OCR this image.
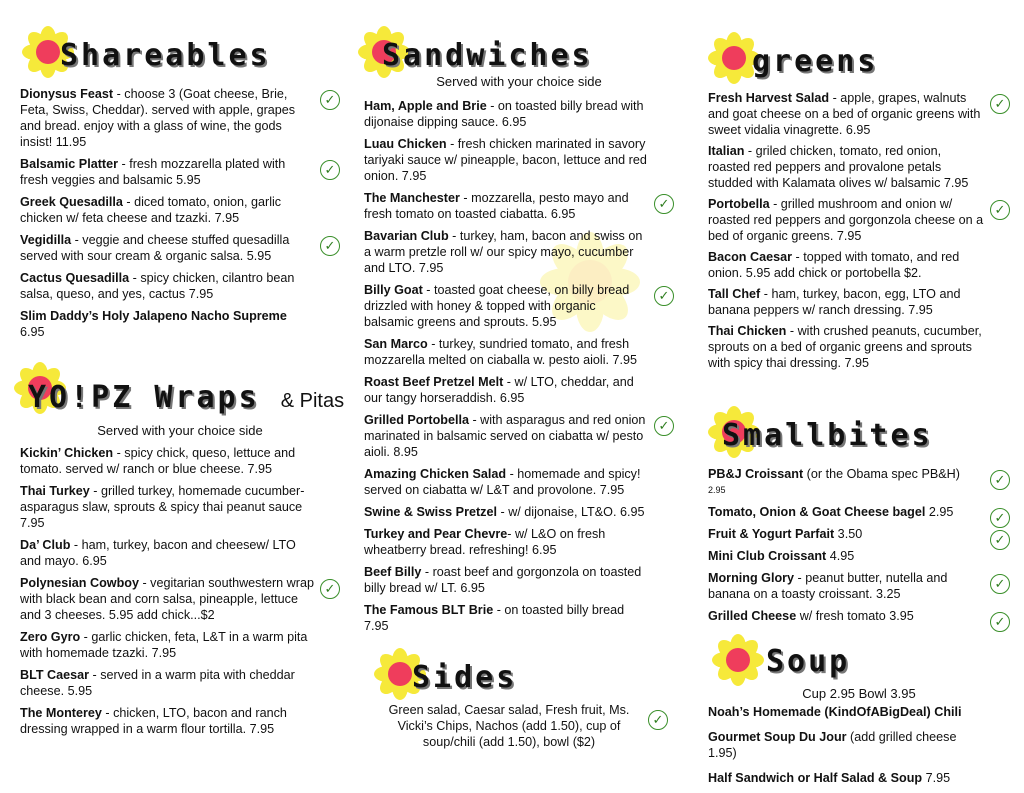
Shareables
Dionysus Feast - choose 3 (Goat cheese, Brie, Feta, Swiss, Cheddar). served with apple, grapes and bread. enjoy with a glass of wine, the gods insist! 11.95
✓
Balsamic Platter - fresh mozzarella plated with fresh veggies and balsamic 5.95
✓
Greek Quesadilla - diced tomato, onion, garlic chicken w/ feta cheese and tzazki. 7.95
Vegidilla - veggie and cheese stuffed quesadilla served with sour cream & organic salsa. 5.95
✓
Cactus Quesadilla - spicy chicken, cilantro bean salsa, queso, and yes, cactus 7.95
Slim Daddy’s Holy Jalapeno Nacho Supreme 6.95
YO!PZ Wraps & Pitas
Served with your choice side
Kickin’ Chicken - spicy chick, queso, lettuce and tomato. served w/ ranch or blue cheese. 7.95
Thai Turkey - grilled turkey, homemade cucumber-asparagus slaw, sprouts & spicy thai peanut sauce 7.95
Da’ Club - ham, turkey, bacon and cheesew/ LTO and mayo. 6.95
Polynesian Cowboy - vegitarian southwestern wrap with black bean and corn salsa, pineapple, lettuce and 3 cheeses. 5.95 add chick...$2
✓
Zero Gyro - garlic chicken, feta, L&T in a warm pita with homemade tzazki. 7.95
BLT Caesar - served in a warm pita with cheddar cheese. 5.95
The Monterey - chicken, LTO, bacon and ranch dressing wrapped in a warm flour tortilla. 7.95
Sandwiches
Served with your choice side
Ham, Apple and Brie - on toasted billy bread with dijonaise dipping sauce. 6.95
Luau Chicken - fresh chicken marinated in savory tariyaki sauce w/ pineapple, bacon, lettuce and red onion. 7.95
The Manchester - mozzarella, pesto mayo and fresh tomato on toasted ciabatta. 6.95
✓
Bavarian Club - turkey, ham, bacon and swiss on a warm pretzle roll w/ our spicy mayo, cucumber and LTO. 7.95
Billy Goat - toasted goat cheese, on billy bread drizzled with honey & topped with organic balsamic greens and sprouts. 5.95
✓
San Marco - turkey, sundried tomato, and fresh mozzarella melted on ciaballa w. pesto aioli. 7.95
Roast Beef Pretzel Melt - w/ LTO, cheddar, and our tangy horseraddish. 6.95
Grilled Portobella - with asparagus and red onion marinated in balsamic served on ciabatta w/ pesto aioli. 8.95
✓
Amazing Chicken Salad - homemade and spicy! served on ciabatta w/ L&T and provolone. 7.95
Swine & Swiss Pretzel - w/ dijonaise, LT&O. 6.95
Turkey and Pear Chevre- w/ L&O on fresh wheatberry bread. refreshing! 6.95
Beef Billy - roast beef and gorgonzola on toasted billy bread w/ LT. 6.95
The Famous BLT Brie - on toasted billy bread 7.95
Sides
Green salad, Caesar salad, Fresh fruit, Ms. Vicki’s Chips, Nachos (add 1.50), cup of soup/chili (add 1.50), bowl ($2)
✓
greens
Fresh Harvest Salad - apple, grapes, walnuts and goat cheese on a bed of organic greens with sweet vidalia vinagrette. 6.95
✓
Italian - griled chicken, tomato, red onion, roasted red peppers and provalone petals studded with Kalamata olives w/ balsamic 7.95
Portobella - grilled mushroom and onion w/ roasted red peppers and gorgonzola cheese on a bed of organic greens. 7.95
✓
Bacon Caesar - topped with tomato, and red onion. 5.95 add chick or portobella $2.
Tall Chef - ham, turkey, bacon, egg, LTO and banana peppers w/ ranch dressing. 7.95
Thai Chicken - with crushed peanuts, cucumber, sprouts on a bed of organic greens and sprouts with spicy thai dressing. 7.95
Smallbites
PB&J Croissant (or the Obama spec PB&H)
2.95
✓
Tomato, Onion & Goat Cheese bagel 2.95	✓
Fruit & Yogurt Parfait 3.50	✓
Mini Club Croissant 4.95
Morning Glory - peanut butter, nutella and banana on a toasty croissant. 3.25
✓
Grilled Cheese w/ fresh tomato 3.95	✓
Soup
Cup 2.95 Bowl 3.95
Noah’s Homemade (KindOfABigDeal) Chili
Gourmet Soup Du Jour (add grilled cheese 1.95)
Half Sandwich or Half Salad & Soup 7.95
